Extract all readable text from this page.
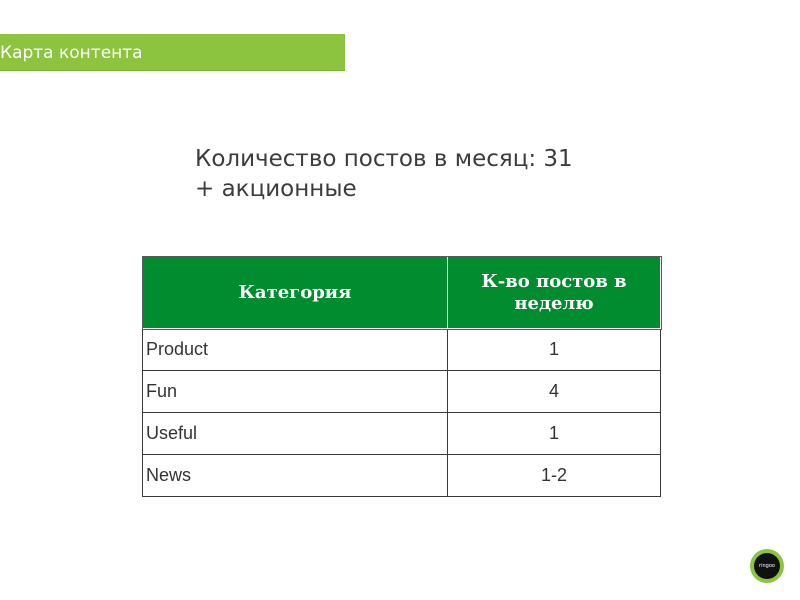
Карта контента
Количество постов в месяц: 31
+ акционные
Категория	К-во постов в неделю
Product	1
Fun	4
Useful	1
News	1-2
ringoo
